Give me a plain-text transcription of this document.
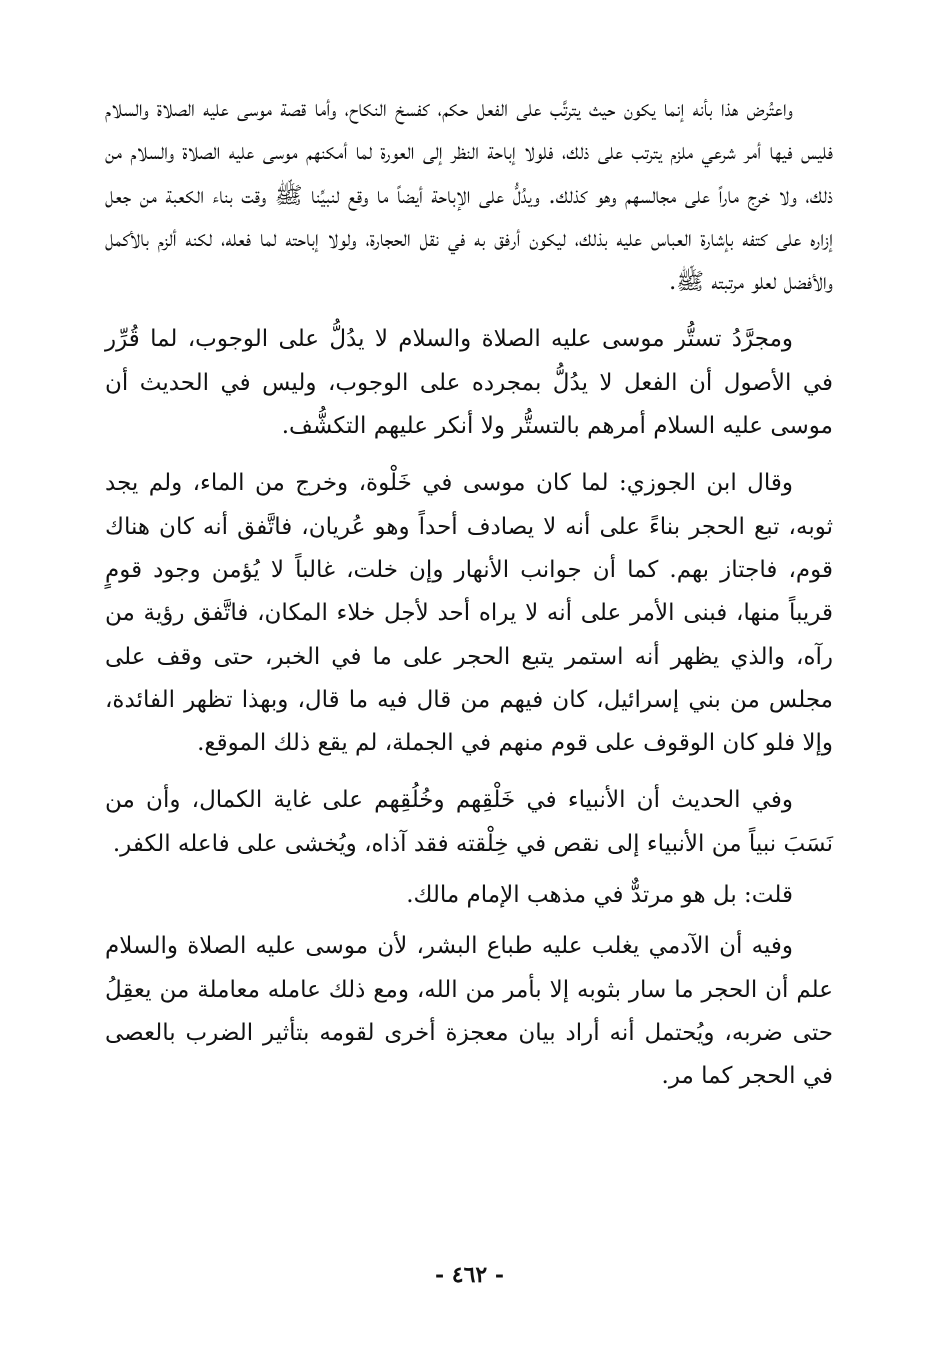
واعتُرض هذا بأنه إنما يكون حيث يترتَّب على الفعل حكم، كفسخ النكاح، وأما قصة موسى عليه الصلاة والسلام فليس فيها أمر شرعي ملزم يترتب على ذلك، فلولا إباحة النظر إلى العورة لما أمكنهم موسى عليه الصلاة والسلام من ذلك، ولا خرج ماراً على مجالسهم وهو كذلك. ويدُلُّ على الإباحة أيضاً ما وقع لنبيِّنا ﷺ وقت بناء الكعبة من جعل إزاره على كتفه بإشارة العباس عليه بذلك، ليكون أرفق به في نقل الحجارة، ولولا إباحته لما فعله، لكنه ألزم بالأكمل والأفضل لعلو مرتبته ﷺ.

ومجرَّدُ تستُّر موسى عليه الصلاة والسلام لا يدُلُّ على الوجوب، لما قُرِّر في الأصول أن الفعل لا يدُلُّ بمجرده على الوجوب، وليس في الحديث أن موسى عليه السلام أمرهم بالتستُّر ولا أنكر عليهم التكشُّف.

وقال ابن الجوزي: لما كان موسى في خَلْوة، وخرج من الماء، ولم يجد ثوبه، تبع الحجر بناءً على أنه لا يصادف أحداً وهو عُريان، فاتَّفق أنه كان هناك قوم، فاجتاز بهم. كما أن جوانب الأنهار وإن خلت، غالباً لا يُؤمن وجود قومٍ قريباً منها، فبنى الأمر على أنه لا يراه أحد لأجل خلاء المكان، فاتَّفق رؤية من رآه، والذي يظهر أنه استمر يتبع الحجر على ما في الخبر، حتى وقف على مجلس من بني إسرائيل، كان فيهم من قال فيه ما قال، وبهذا تظهر الفائدة، وإلا فلو كان الوقوف على قوم منهم في الجملة، لم يقع ذلك الموقع.

وفي الحديث أن الأنبياء في خَلْقِهم وخُلُقِهم على غاية الكمال، وأن من نَسَبَ نبياً من الأنبياء إلى نقص في خِلْقته فقد آذاه، ويُخشى على فاعله الكفر.

قلت: بل هو مرتدٌّ في مذهب الإمام مالك.

وفيه أن الآدمي يغلب عليه طباع البشر، لأن موسى عليه الصلاة والسلام علم أن الحجر ما سار بثوبه إلا بأمر من الله، ومع ذلك عامله معاملة من يعقِلُ حتى ضربه، ويُحتمل أنه أراد بيان معجزة أخرى لقومه بتأثير الضرب بالعصى في الحجر كما مر.

- ٤٦٢ -
